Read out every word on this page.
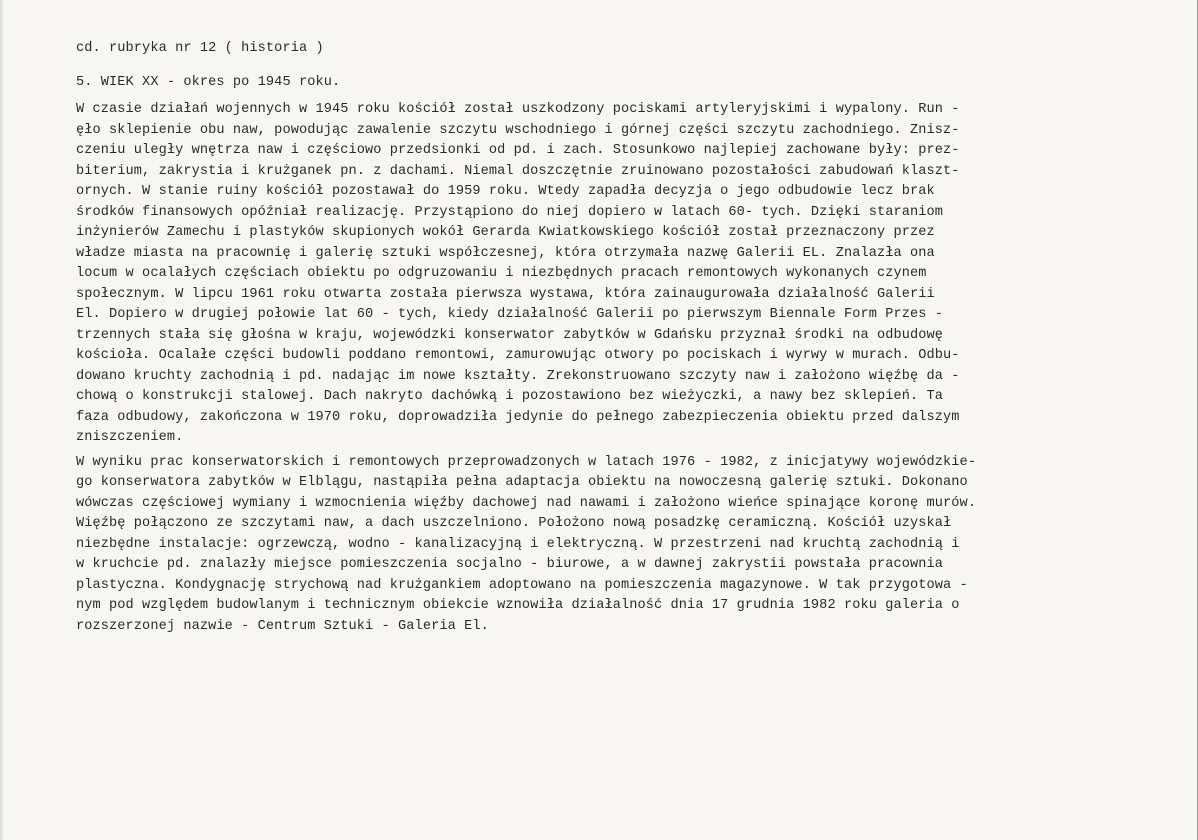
cd. rubryka nr 12 ( historia )
5. WIEK XX - okres po 1945 roku.
W czasie działań wojennych w 1945 roku kościół został uszkodzony pociskami artyleryjskimi i wypalony. Run -
ęło sklepienie obu naw, powodując zawalenie szczytu wschodniego i górnej części szczytu zachodniego. Znisz-
czeniu uległy wnętrza naw i częściowo przedsionki od pd. i zach. Stosunkowo najlepiej zachowane były: prez-
biterium, zakrystia i krużganek pn. z dachami. Niemal doszczętnie zruinowano pozostałości zabudowań klaszt-
ornych. W stanie ruiny kościół pozostawał do 1959 roku. Wtedy zapadła decyzja o jego odbudowie lecz brak
środków finansowych opóźniał realizację. Przystąpiono do niej dopiero w latach 60- tych. Dzięki staraniom
inżynierów Zamechu i plastyków skupionych wokół Gerarda Kwiatkowskiego kościół został przeznaczony przez
władze miasta na pracownię i galerię sztuki współczesnej, która otrzymała nazwę Galerii EL. Znalazła ona
locum w ocalałych częściach obiektu po odgruzowaniu i niezbędnych pracach remontowych wykonanych czynem
społecznym. W lipcu 1961 roku otwarta została pierwsza wystawa, która zainaugurowała działalność Galerii
El. Dopiero w drugiej połowie lat 60 - tych, kiedy działalność Galerii po pierwszym Biennale Form Przes -
trzennych stała się głośna w kraju, wojewódzki konserwator zabytków w Gdańsku przyznał środki na odbudowę
kościoła. Ocalałe części budowli poddano remontowi, zamurowując otwory po pociskach i wyrwy w murach. Odbu-
dowano kruchty zachodnią i pd. nadając im nowe kształty. Zrekonstruowano szczyty naw i założono więźbę da -
chową o konstrukcji stalowej. Dach nakryto dachówką i pozostawiono bez wieżyczki, a nawy bez sklepień. Ta
faza odbudowy, zakończona w 1970 roku, doprowadziła jedynie do pełnego zabezpieczenia obiektu przed dalszym
zniszczeniem.
W wyniku prac konserwatorskich i remontowych przeprowadzonych w latach 1976 - 1982, z inicjatywy wojewódzkie-
go konserwatora zabytków w Elblągu, nastąpiła pełna adaptacja obiektu na nowoczesną galerię sztuki. Dokonano
wówczas częściowej wymiany i wzmocnienia więźby dachowej nad nawami i założono wieńce spinające koronę murów.
Więźbę połączono ze szczytami naw, a dach uszczelniono. Położono nową posadzkę ceramiczną. Kościół uzyskał
niezbędne instalacje: ogrzewczą, wodno - kanalizacyjną i elektryczną. W przestrzeni nad kruchtą zachodnią i
w kruchcie pd. znalazły miejsce pomieszczenia socjalno - biurowe, a w dawnej zakrystii powstała pracownia
plastyczna. Kondygnację strychową nad krużgankiem adoptowano na pomieszczenia magazynowe. W tak przygotowa -
nym pod względem budowlanym i technicznym obiekcie wznowiła działalność dnia 17 grudnia 1982 roku galeria o
rozszerzonej nazwie - Centrum Sztuki - Galeria El.
